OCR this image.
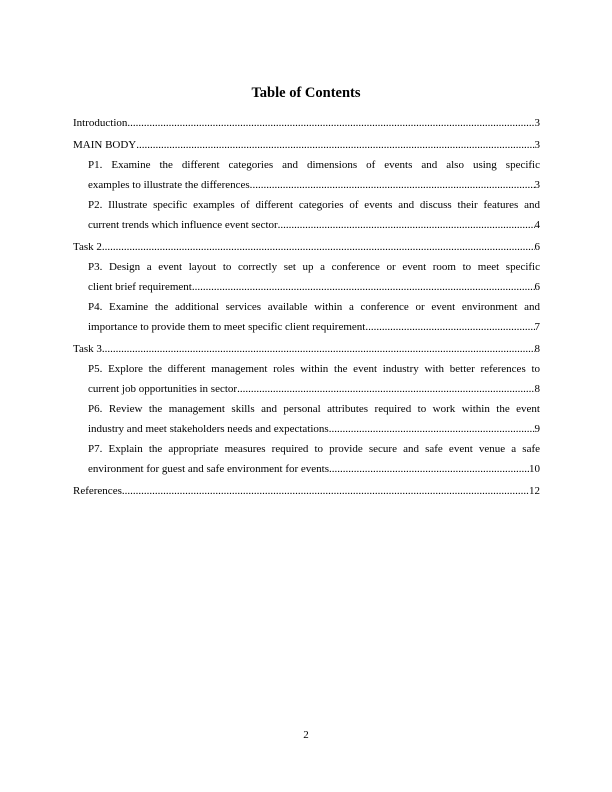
Table of Contents
Introduction .....	3
MAIN BODY .....	3
P1. Examine the different categories and dimensions of events and also using specific
examples to illustrate the differences. .....	3
P2. Illustrate specific examples of different categories of events and discuss their features and
current trends which influence event sector .....	4
Task 2 .....	6
P3. Design a event layout to correctly set up a conference or event room to meet specific
client brief requirement. .....	6
P4. Examine the additional services available within a conference or event environment and
importance to provide them to meet specific client requirement. .....	7
Task 3 .....	8
P5. Explore the different management roles within the event industry with better references to
current job opportunities in sector .....	8
P6. Review the management skills and personal attributes required to work within the event
industry and meet stakeholders needs and expectations .....	9
P7. Explain the appropriate measures required to provide secure and safe event venue a safe
environment for guest and safe environment for events. .....	10
References .....	12
2
